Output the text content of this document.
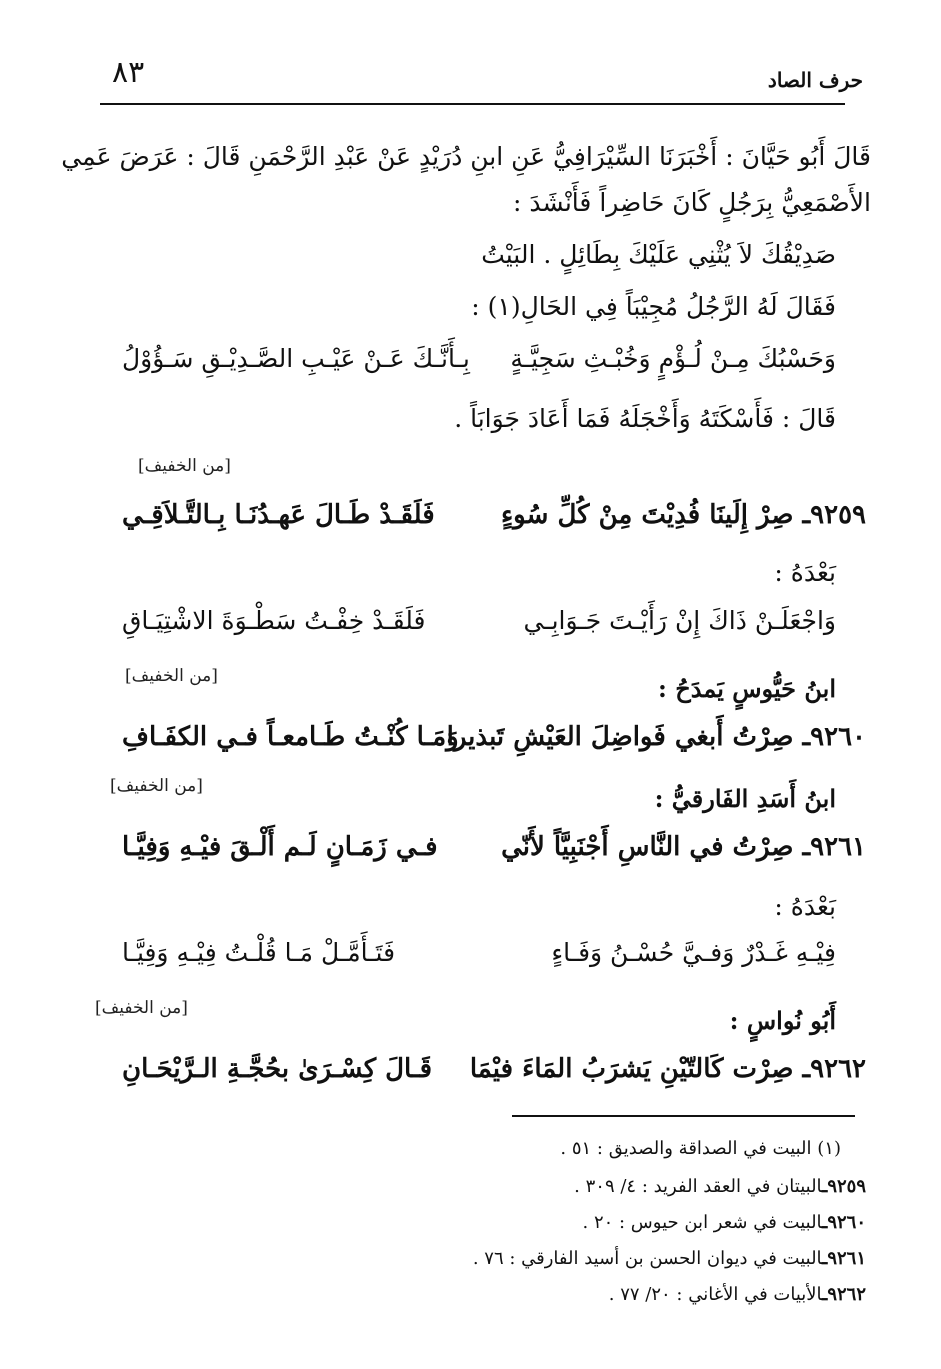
٨٣	حرف الصاد
قَالَ أَبُو حَيَّانَ : أَخْبَرَنَا السِّيْرَافِيُّ عَنِ ابنِ دُرَيْدٍ عَنْ عَبْدِ الرَّحْمَنِ قَالَ : عَرَضَ عَمِي
الأَصْمَعِيُّ بِرَجُلٍ كَانَ حَاضِراً فَأَنْشَدَ :
صَدِيْقُكَ لاَ يُثْنِي عَلَيْكَ بِطَائِلٍ . البَيْتُ
فَقَالَ لَهُ الرَّجُلُ مُجِيْبَاً فِي الحَالِ(١) :
وَحَسْبُكَ مِـنْ لُـؤْمٍ وَخُبْـثِ سَجِيَّـةٍ
بِـأَنَّـكَ عَـنْ عَيْـبِ الصَّـدِيْـقِ سَـؤُوْلُ
قَالَ : فَأَسْكَتَهُ وَأَخْجَلَهُ فَمَا أَعَادَ جَوَابَاً .
[من الخفيف]
٩٢٥٩ـ صِرْ إِلَينَا فُدِيْتَ مِنْ كُلِّ سُوءٍ
فَلَقَـدْ طَـالَ عَهـدُنَـا بِـالتَّـلاَقِـي
بَعْدَهُ :
وَاجْعَلَـنْ ذَاكَ إِنْ رَأَيْـتَ جَـوَابِـي
فَلَقَـدْ خِفْـتُ سَطْـوَةَ الاشْتِيَـاقِ
[من الخفيف]	ابنُ حَيُّوسٍ يَمدَحُ :
٩٢٦٠ـ صِرْتُ أَبغي فَواضِلَ العَيْشِ تَبذيرا
وَمَـا كُنْـتُ طَـامعـاً فـي الكفَـافِ
[من الخفيف]	ابنُ أَسَدِ الفَارقيُّ :
٩٢٦١ـ صِرْتُ في النَّاسِ أَجْنَبِيَّاً لأَنّي
فـي زَمَـانٍ لَـم أَلْـقَ فيْـهِ وَفِيَّـا
بَعْدَهُ :
فِيْـهِ غَـدْرٌ وَفـيَّ حُسْـنُ وَفَـاءٍ
فَتَـأَمَّـلْ مَـا قُلْـتُ فِيْـهِ وَفِيَّـا
[من الخفيف]	أَبُو نُواسٍ :
٩٢٦٢ـ صِرْت كَالتّيْنِ يَشرَبُ المَاءَ فيْمَا
قَـالَ كِسْـرَىٰ بحُجَّـةِ الـرَّيْحَـانِ
(١) البيت في الصداقة والصديق : ٥١ .
٩٢٥٩ـالبيتان في العقد الفريد : ٤/ ٣٠٩ .
٩٢٦٠ـالبيت في شعر ابن حيوس : ٢٠ .
٩٢٦١ـالبيت في ديوان الحسن بن أسيد الفارقي : ٧٦ .
٩٢٦٢ـالأبيات في الأغاني : ٢٠/ ٧٧ .
